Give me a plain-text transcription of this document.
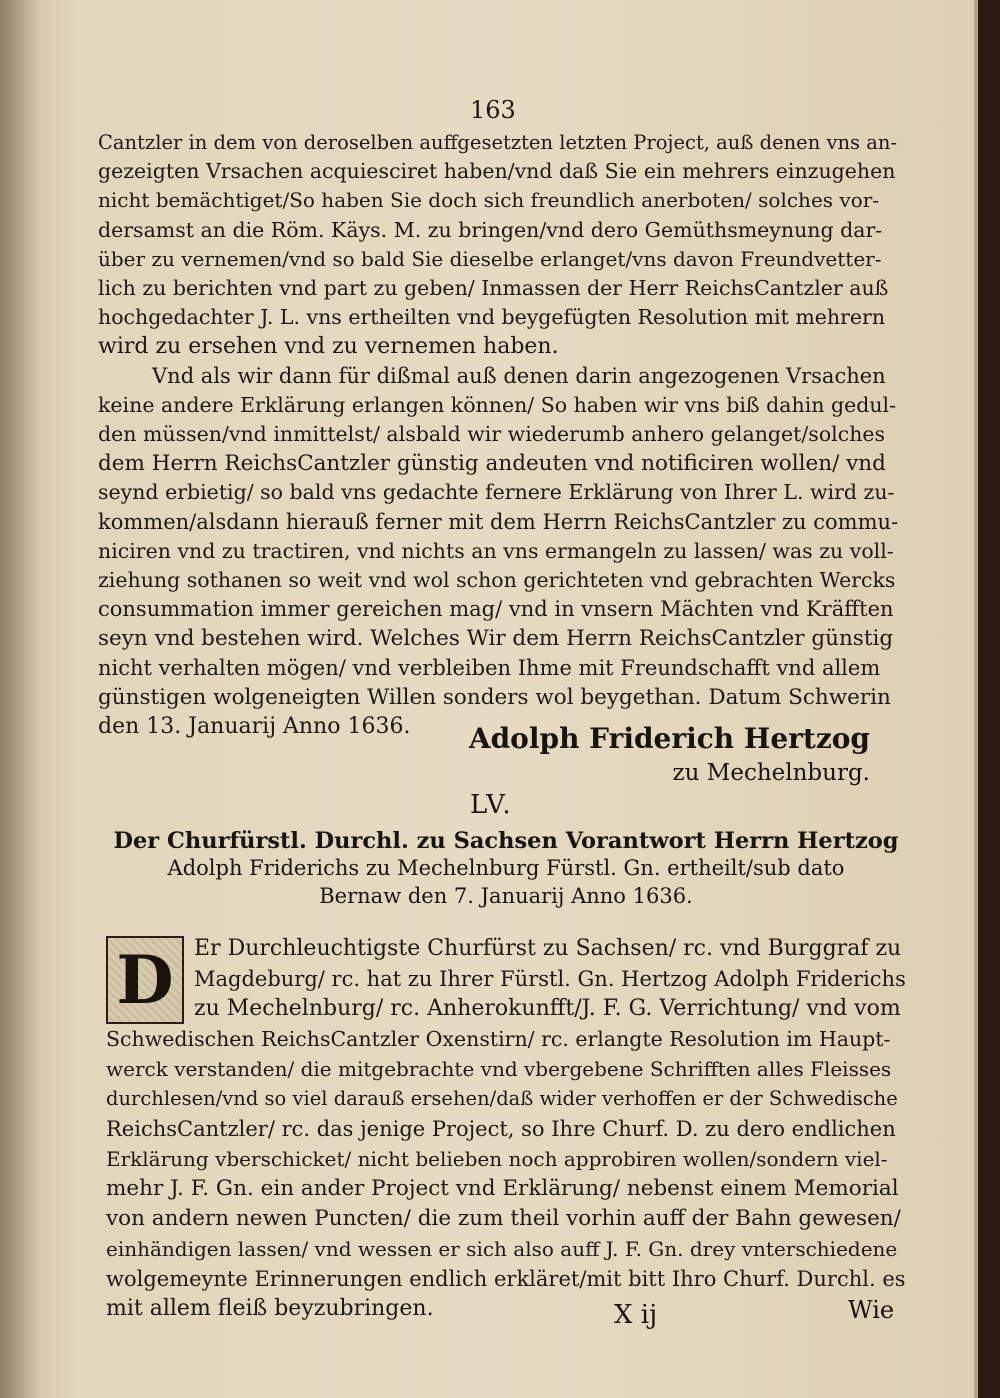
163

Cantzler in dem von deroselben auffgesetzten letzten Project, auß denen vns an-
gezeigten Vrsachen acquiesciret haben/vnd daß Sie ein mehrers einzugehen
nicht bemächtiget/So haben Sie doch sich freundlich anerboten/ solches vor-
dersamst an die Röm. Käys. M. zu bringen/vnd dero Gemüthsmeynung dar-
über zu vernemen/vnd so bald Sie dieselbe erlanget/vns davon Freundvetter-
lich zu berichten vnd part zu geben/ Inmassen der Herr ReichsCantzler auß
hochgedachter J. L. vns ertheilten vnd beygefügten Resolution mit mehrern
wird zu ersehen vnd zu vernemen haben.

Vnd als wir dann für dißmal auß denen darin angezogenen Vrsachen
keine andere Erklärung erlangen können/ So haben wir vns biß dahin gedul-
den müssen/vnd inmittelst/ alsbald wir wiederumb anhero gelanget/solches
dem Herrn ReichsCantzler günstig andeuten vnd notificiren wollen/ vnd
seynd erbietig/ so bald vns gedachte fernere Erklärung von Ihrer L. wird zu-
kommen/alsdann hierauß ferner mit dem Herrn ReichsCantzler zu commu-
niciren vnd zu tractiren, vnd nichts an vns ermangeln zu lassen/ was zu voll-
ziehung sothanen so weit vnd wol schon gerichteten vnd gebrachten Wercks
consummation immer gereichen mag/ vnd in vnsern Mächten vnd Kräfften
seyn vnd bestehen wird. Welches Wir dem Herrn ReichsCantzler günstig
nicht verhalten mögen/ vnd verbleiben Ihme mit Freundschafft vnd allem
günstigen wolgeneigten Willen sonders wol beygethan. Datum Schwerin
den 13. Januarij Anno 1636.	Adolph Friderich Hertzog
zu Mechelnburg.
LV.
Der Churfürstl. Durchl. zu Sachsen Vorantwort Herrn Hertzog
Adolph Friderichs zu Mechelnburg Fürstl. Gn. ertheilt/sub dato
Bernaw den 7. Januarij Anno 1636.
D Er Durchleuchtigste Churfürst zu Sachsen/ rc. vnd Burggraf zu
Magdeburg/ rc. hat zu Ihrer Fürstl. Gn. Hertzog Adolph Friderichs
zu Mechelnburg/ rc. Anherokunfft/J. F. G. Verrichtung/ vnd vom
Schwedischen ReichsCantzler Oxenstirn/ rc. erlangte Resolution im Haupt-
werck verstanden/ die mitgebrachte vnd vbergebene Schrifften alles Fleisses
durchlesen/vnd so viel darauß ersehen/daß wider verhoffen er der Schwedische
ReichsCantzler/ rc. das jenige Project, so Ihre Churf. D. zu dero endlichen
Erklärung vberschicket/ nicht belieben noch approbiren wollen/sondern viel-
mehr J. F. Gn. ein ander Project vnd Erklärung/ nebenst einem Memorial
von andern newen Puncten/ die zum theil vorhin auff der Bahn gewesen/
einhändigen lassen/ vnd wessen er sich also auff J. F. Gn. drey vnterschiedene
wolgemeynte Erinnerungen endlich erkläret/mit bitt Ihro Churf. Durchl. es
mit allem fleiß beyzubringen.	X ij	Wie
